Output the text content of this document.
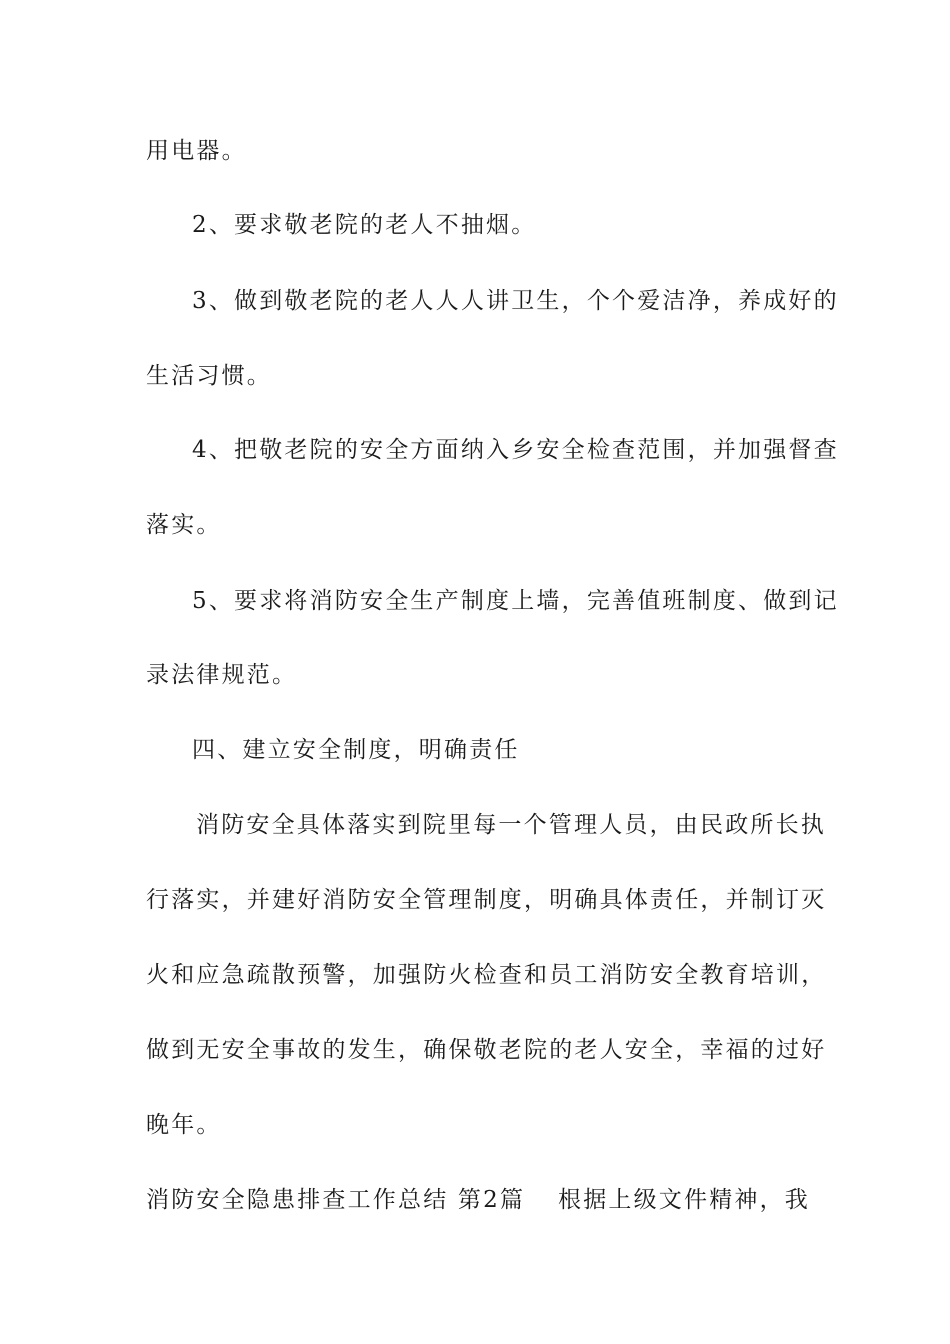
用电器。
2、要求敬老院的老人不抽烟。
3、做到敬老院的老人人人讲卫生，个个爱洁净，养成好的
生活习惯。
4、把敬老院的安全方面纳入乡安全检查范围，并加强督查
落实。
5、要求将消防安全生产制度上墙，完善值班制度、做到记
录法律规范。
四、建立安全制度，明确责任
消防安全具体落实到院里每一个管理人员，由民政所长执
行落实，并建好消防安全管理制度，明确具体责任，并制订灭
火和应急疏散预警，加强防火检查和员工消防安全教育培训，
做到无安全事故的发生，确保敬老院的老人安全，幸福的过好
晚年。
消防安全隐患排查工作总结 第2篇 根据上级文件精神，我
